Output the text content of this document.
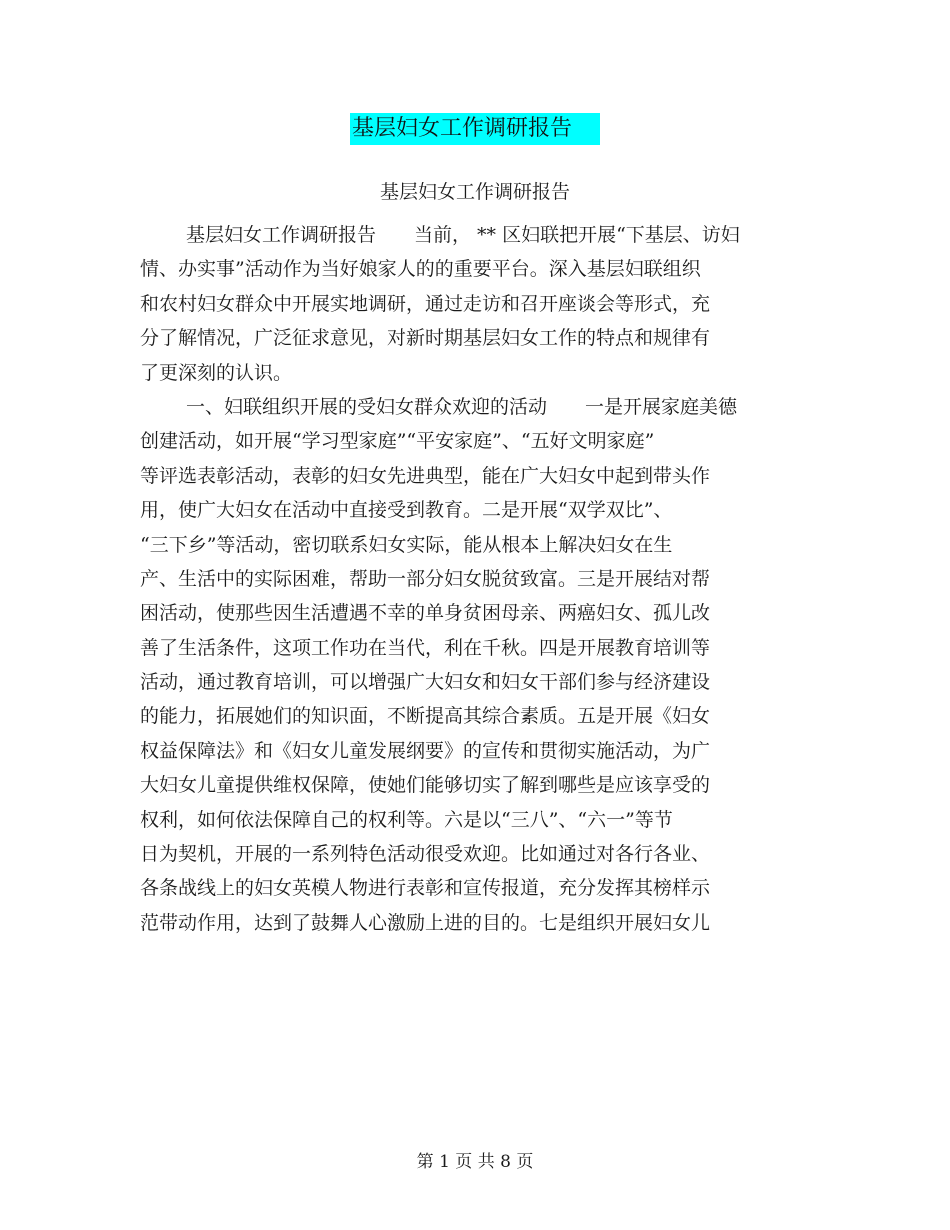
基层妇女工作调研报告
基层妇女工作调研报告
基层妇女工作调研报告　　当前， ** 区妇联把开展“下基层、访妇
情、办实事”活动作为当好娘家人的的重要平台。深入基层妇联组织
和农村妇女群众中开展实地调研，通过走访和召开座谈会等形式，充
分了解情况，广泛征求意见，对新时期基层妇女工作的特点和规律有
了更深刻的认识。
一、妇联组织开展的受妇女群众欢迎的活动　　一是开展家庭美德
创建活动，如开展“学习型家庭”“平安家庭”、“五好文明家庭”
等评选表彰活动，表彰的妇女先进典型，能在广大妇女中起到带头作
用，使广大妇女在活动中直接受到教育。二是开展“双学双比”、
“三下乡”等活动，密切联系妇女实际，能从根本上解决妇女在生
产、生活中的实际困难，帮助一部分妇女脱贫致富。三是开展结对帮
困活动，使那些因生活遭遇不幸的单身贫困母亲、两癌妇女、孤儿改
善了生活条件，这项工作功在当代，利在千秋。四是开展教育培训等
活动，通过教育培训，可以增强广大妇女和妇女干部们参与经济建设
的能力，拓展她们的知识面，不断提高其综合素质。五是开展《妇女
权益保障法》和《妇女儿童发展纲要》的宣传和贯彻实施活动，为广
大妇女儿童提供维权保障，使她们能够切实了解到哪些是应该享受的
权利，如何依法保障自己的权利等。六是以“三八”、“六一”等节
日为契机，开展的一系列特色活动很受欢迎。比如通过对各行各业、
各条战线上的妇女英模人物进行表彰和宣传报道，充分发挥其榜样示
范带动作用，达到了鼓舞人心激励上进的目的。七是组织开展妇女儿
第 1 页 共 8 页
